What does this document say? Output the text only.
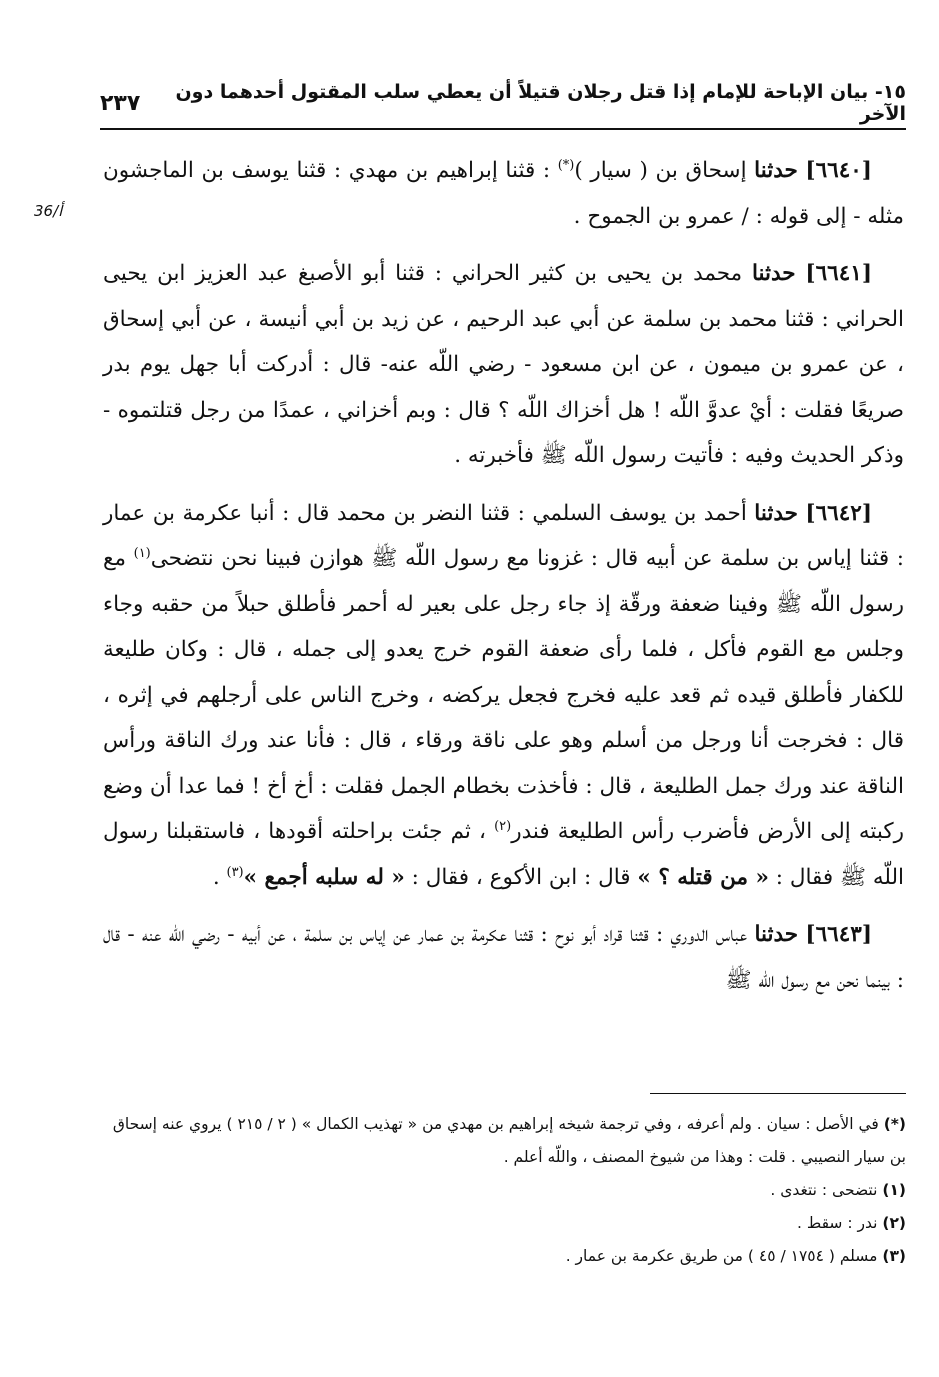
١٥- بيان الإباحة للإمام إذا قتل رجلان قتيلاً أن يعطي سلب المقتول أحدهما دون الآخر
٢٣٧
36/أ

[٦٦٤٠] حدثنا إسحاق بن ( سيار )(*) : قثنا إبراهيم بن مهدي : قثنا يوسف بن الماجشون مثله - إلى قوله : / عمرو بن الجموح .

[٦٦٤١] حدثنا محمد بن يحيى بن كثير الحراني : قثنا أبو الأصبغ عبد العزيز ابن يحيى الحراني : قثنا محمد بن سلمة عن أبي عبد الرحيم ، عن زيد بن أبي أنيسة ، عن أبي إسحاق ، عن عمرو بن ميمون ، عن ابن مسعود - رضي اللّه عنه- قال : أدركت أبا جهل يوم بدر صريعًا فقلت : أيْ عدوَّ اللّه ! هل أخزاك اللّه ؟ قال : وبم أخزاني ، عمدًا من رجل قتلتموه - وذكر الحديث وفيه : فأتيت رسول اللّه ﷺ فأخبرته .

[٦٦٤٢] حدثنا أحمد بن يوسف السلمي : قثنا النضر بن محمد قال : أنبا عكرمة بن عمار : قثنا إياس بن سلمة عن أبيه قال : غزونا مع رسول اللّه ﷺ هوازن فبينا نحن نتضحى$^{(١)}$ مع رسول اللّه ﷺ وفينا ضعفة ورقّة إذ جاء رجل على بعير له أحمر فأطلق حبلاً من حقبه وجاء وجلس مع القوم فأكل ، فلما رأى ضعفة القوم خرج يعدو إلى جمله ، قال : وكان طليعة للكفار فأطلق قيده ثم قعد عليه فخرج فجعل يركضه ، وخرج الناس على أرجلهم في إثره ، قال : فخرجت أنا ورجل من أسلم وهو على ناقة ورقاء ، قال : فأنا عند ورك الناقة ورأس الناقة عند ورك جمل الطليعة ، قال : فأخذت بخطام الجمل فقلت : أخ أخ ! فما عدا أن وضع ركبته إلى الأرض فأضرب رأس الطليعة فندر$^{(٢)}$ ، ثم جئت براحلته أقودها ، فاستقبلنا رسول اللّه ﷺ فقال : « من قتله ؟ » قال : ابن الأكوع ، فقال : « له سلبه أجمع »$^{(٣)}$ .

[٦٦٤٣] حدثنا عباس الدوري : قثنا قراد أبو نوح : قثنا عكرمة بن عمار عن إياس بن سلمة ، عن أبيه - رضي اللّه عنه - قال : بينما نحن مع رسول اللّه ﷺ

(*) في الأصل : سيان . ولم أعرفه ، وفي ترجمة شيخه إبراهيم بن مهدي من « تهذيب الكمال » ( ٢ / ٢١٥ ) يروي عنه إسحاق بن سيار النصيبي . قلت : وهذا من شيوخ المصنف ، واللّه أعلم .

(١) نتضحى : نتغدى .

(٢) ندر : سقط .

(٣) مسلم ( ١٧٥٤ / ٤٥ ) من طريق عكرمة بن عمار .
